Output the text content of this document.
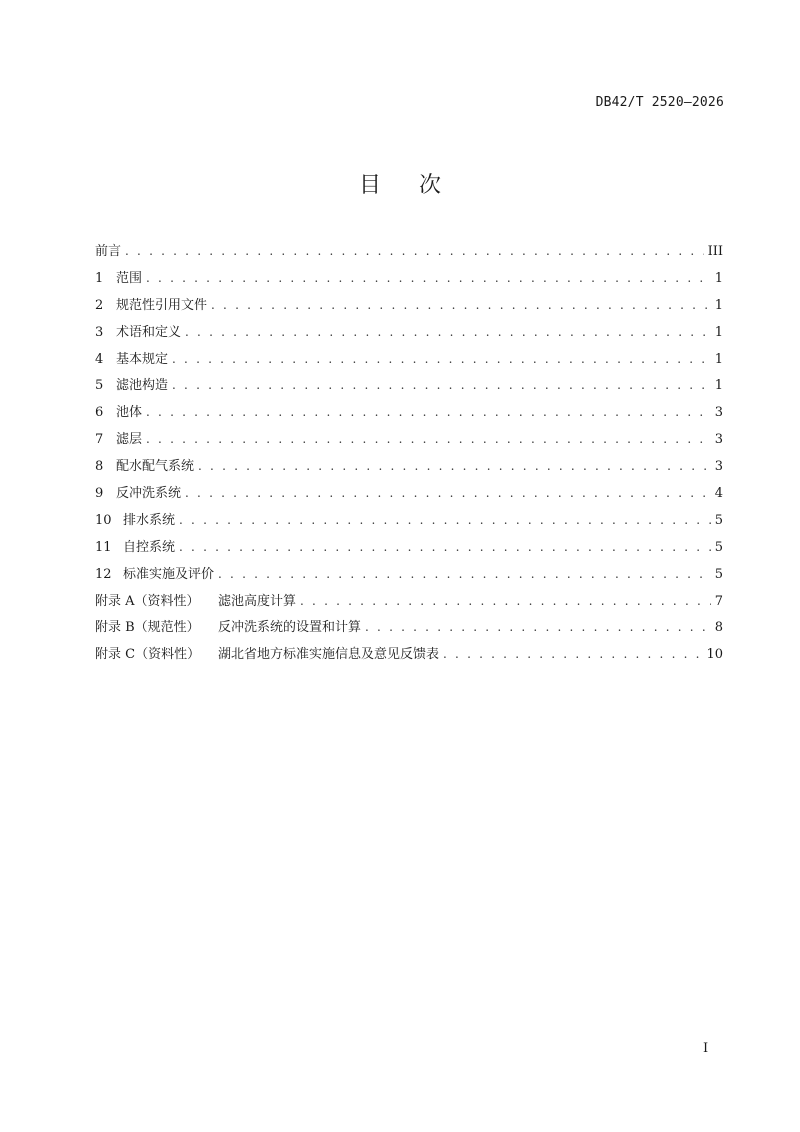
DB42/T 2520—2026
目次
前言 . . .	III
1 范围 . . .	1
2 规范性引用文件 . . .	1
3 术语和定义 . . .	1
4 基本规定 . . .	1
5 滤池构造 . . .	1
6 池体 . . .	3
7 滤层 . . .	3
8 配水配气系统 . . .	3
9 反冲洗系统 . . .	4
10 排水系统 . . .	5
11 自控系统 . . .	5
12 标准实施及评价 . . .	5
附录 A（资料性） 滤池高度计算 . . .	7
附录 B（规范性） 反冲洗系统的设置和计算 . . .	8
附录 C（资料性） 湖北省地方标准实施信息及意见反馈表 . . .	10
I
